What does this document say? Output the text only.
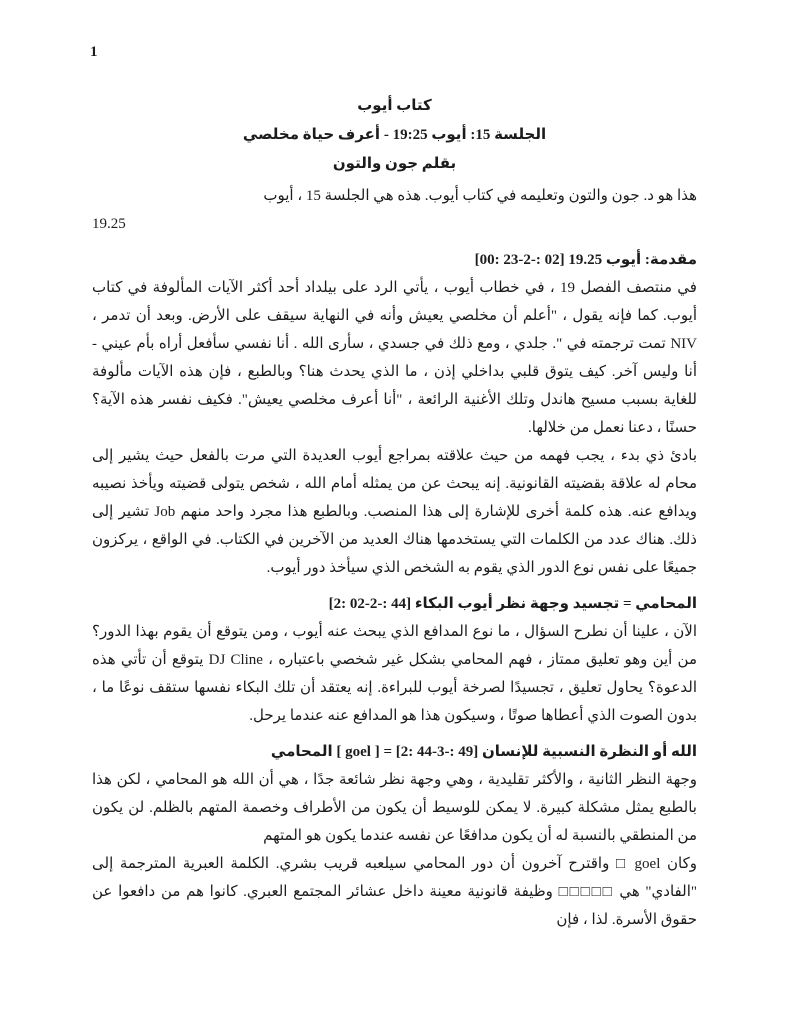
1
كتاب أيوب
الجلسة 15: أيوب 19:25 - أعرف حياة مخلصي
بقلم جون والتون

هذا هو د. جون والتون وتعليمه في كتاب أيوب. هذه هي الجلسة 15 ، أيوب

19.25

مقدمة: أيوب 19.25 [00: 23-2-: 02]

في منتصف الفصل 19 ، في خطاب أيوب ، يأتي الرد على بيلداد أحد أكثر الآيات المألوفة في كتاب أيوب. كما فإنه يقول ، "أعلم أن مخلصي يعيش وأنه في النهاية سيقف على الأرض. وبعد أن تدمر ، NIV تمت ترجمته في ". جلدي ، ومع ذلك في جسدي ، سأرى الله . أنا نفسي سأفعل أراه بأم عيني - أنا وليس آخر. كيف يتوق قلبي بداخلي إذن ، ما الذي يحدث هنا؟ وبالطبع ، فإن هذه الآيات مألوفة للغاية بسبب مسيح هاندل وتلك الأغنية الرائعة ، "أنا أعرف مخلصي يعيش". فكيف نفسر هذه الآية؟ حسنًا ، دعنا نعمل من خلالها.

بادئ ذي بدء ، يجب فهمه من حيث علاقته بمراجع أيوب العديدة التي مرت بالفعل حيث يشير إلى محام له علاقة بقضيته القانونية. إنه يبحث عن من يمثله أمام الله ، شخص يتولى قضيته ويأخذ نصيبه ويدافع عنه. هذه كلمة أخرى للإشارة إلى هذا المنصب. وبالطبع هذا مجرد واحد منهم Job تشير إلى ذلك. هناك عدد من الكلمات التي يستخدمها هناك العديد من الآخرين في الكتاب. في الواقع ، يركزون جميعًا على نفس نوع الدور الذي يقوم به الشخص الذي سيأخذ دور أيوب.

المحامي = تجسيد وجهة نظر أيوب البكاء [2: 02-2-: 44]

الآن ، علينا أن نطرح السؤال ، ما نوع المدافع الذي يبحث عنه أيوب ، ومن يتوقع أن يقوم بهذا الدور؟ من أين وهو تعليق ممتاز ، فهم المحامي بشكل غير شخصي باعتباره ، DJ Cline يتوقع أن تأتي هذه الدعوة؟ يحاول تعليق ، تجسيدًا لصرخة أيوب للبراءة. إنه يعتقد أن تلك البكاء نفسها ستقف نوعًا ما ، بدون الصوت الذي أعطاها صوتًا ، وسيكون هذا هو المدافع عنه عندما يرحل.

الله أو النظرة النسبية للإنسان [2: 44-3-: 49] = [ goel ] المحامي

وجهة النظر الثانية ، والأكثر تقليدية ، وهي وجهة نظر شائعة جدًا ، هي أن الله هو المحامي ، لكن هذا بالطبع يمثل مشكلة كبيرة. لا يمكن للوسيط أن يكون من الأطراف وخصمة المتهم بالظلم. لن يكون من المنطقي بالنسبة له أن يكون مدافعًا عن نفسه عندما يكون هو المتهم

وكان goel □ واقترح آخرون أن دور المحامي سيلعبه قريب بشري. الكلمة العبرية المترجمة إلى "الفادي" هي □□□□□ وظيفة قانونية معينة داخل عشائر المجتمع العبري. كانوا هم من دافعوا عن حقوق الأسرة. لذا ، فإن
